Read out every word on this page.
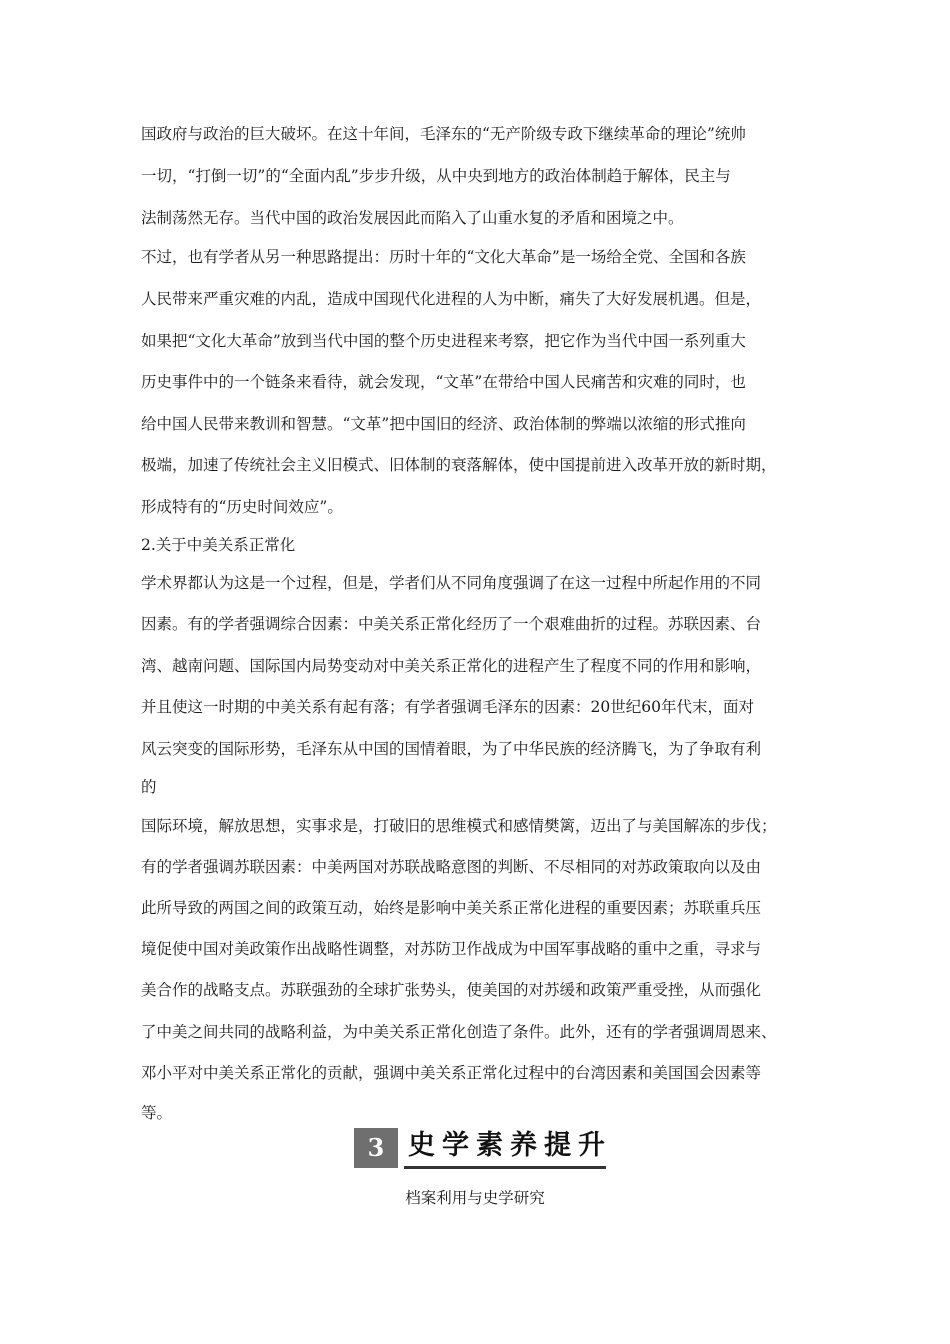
国政府与政治的巨大破坏。在这十年间，毛泽东的“无产阶级专政下继续革命的理论”统帅
一切，“打倒一切”的“全面内乱”步步升级，从中央到地方的政治体制趋于解体，民主与
法制荡然无存。当代中国的政治发展因此而陷入了山重水复的矛盾和困境之中。
不过，也有学者从另一种思路提出：历时十年的“文化大革命”是一场给全党、全国和各族
人民带来严重灾难的内乱，造成中国现代化进程的人为中断，痛失了大好发展机遇。但是，
如果把“文化大革命”放到当代中国的整个历史进程来考察，把它作为当代中国一系列重大
历史事件中的一个链条来看待，就会发现，“文革”在带给中国人民痛苦和灾难的同时，也
给中国人民带来教训和智慧。“文革”把中国旧的经济、政治体制的弊端以浓缩的形式推向
极端，加速了传统社会主义旧模式、旧体制的衰落解体，使中国提前进入改革开放的新时期，
形成特有的“历史时间效应”。
2.关于中美关系正常化
学术界都认为这是一个过程，但是，学者们从不同角度强调了在这一过程中所起作用的不同
因素。有的学者强调综合因素：中美关系正常化经历了一个艰难曲折的过程。苏联因素、台
湾、越南问题、国际国内局势变动对中美关系正常化的进程产生了程度不同的作用和影响，
并且使这一时期的中美关系有起有落；有学者强调毛泽东的因素：20世纪60年代末，面对
风云突变的国际形势，毛泽东从中国的国情着眼，为了中华民族的经济腾飞，为了争取有利
的
国际环境，解放思想，实事求是，打破旧的思维模式和感情樊篱，迈出了与美国解冻的步伐；
有的学者强调苏联因素：中美两国对苏联战略意图的判断、不尽相同的对苏政策取向以及由
此所导致的两国之间的政策互动，始终是影响中美关系正常化进程的重要因素；苏联重兵压
境促使中国对美政策作出战略性调整，对苏防卫作战成为中国军事战略的重中之重，寻求与
美合作的战略支点。苏联强劲的全球扩张势头，使美国的对苏缓和政策严重受挫，从而强化
了中美之间共同的战略利益，为中美关系正常化创造了条件。此外，还有的学者强调周恩来、
邓小平对中美关系正常化的贡献，强调中美关系正常化过程中的台湾因素和美国国会因素等
等。
3 史学素养提升
档案利用与史学研究
